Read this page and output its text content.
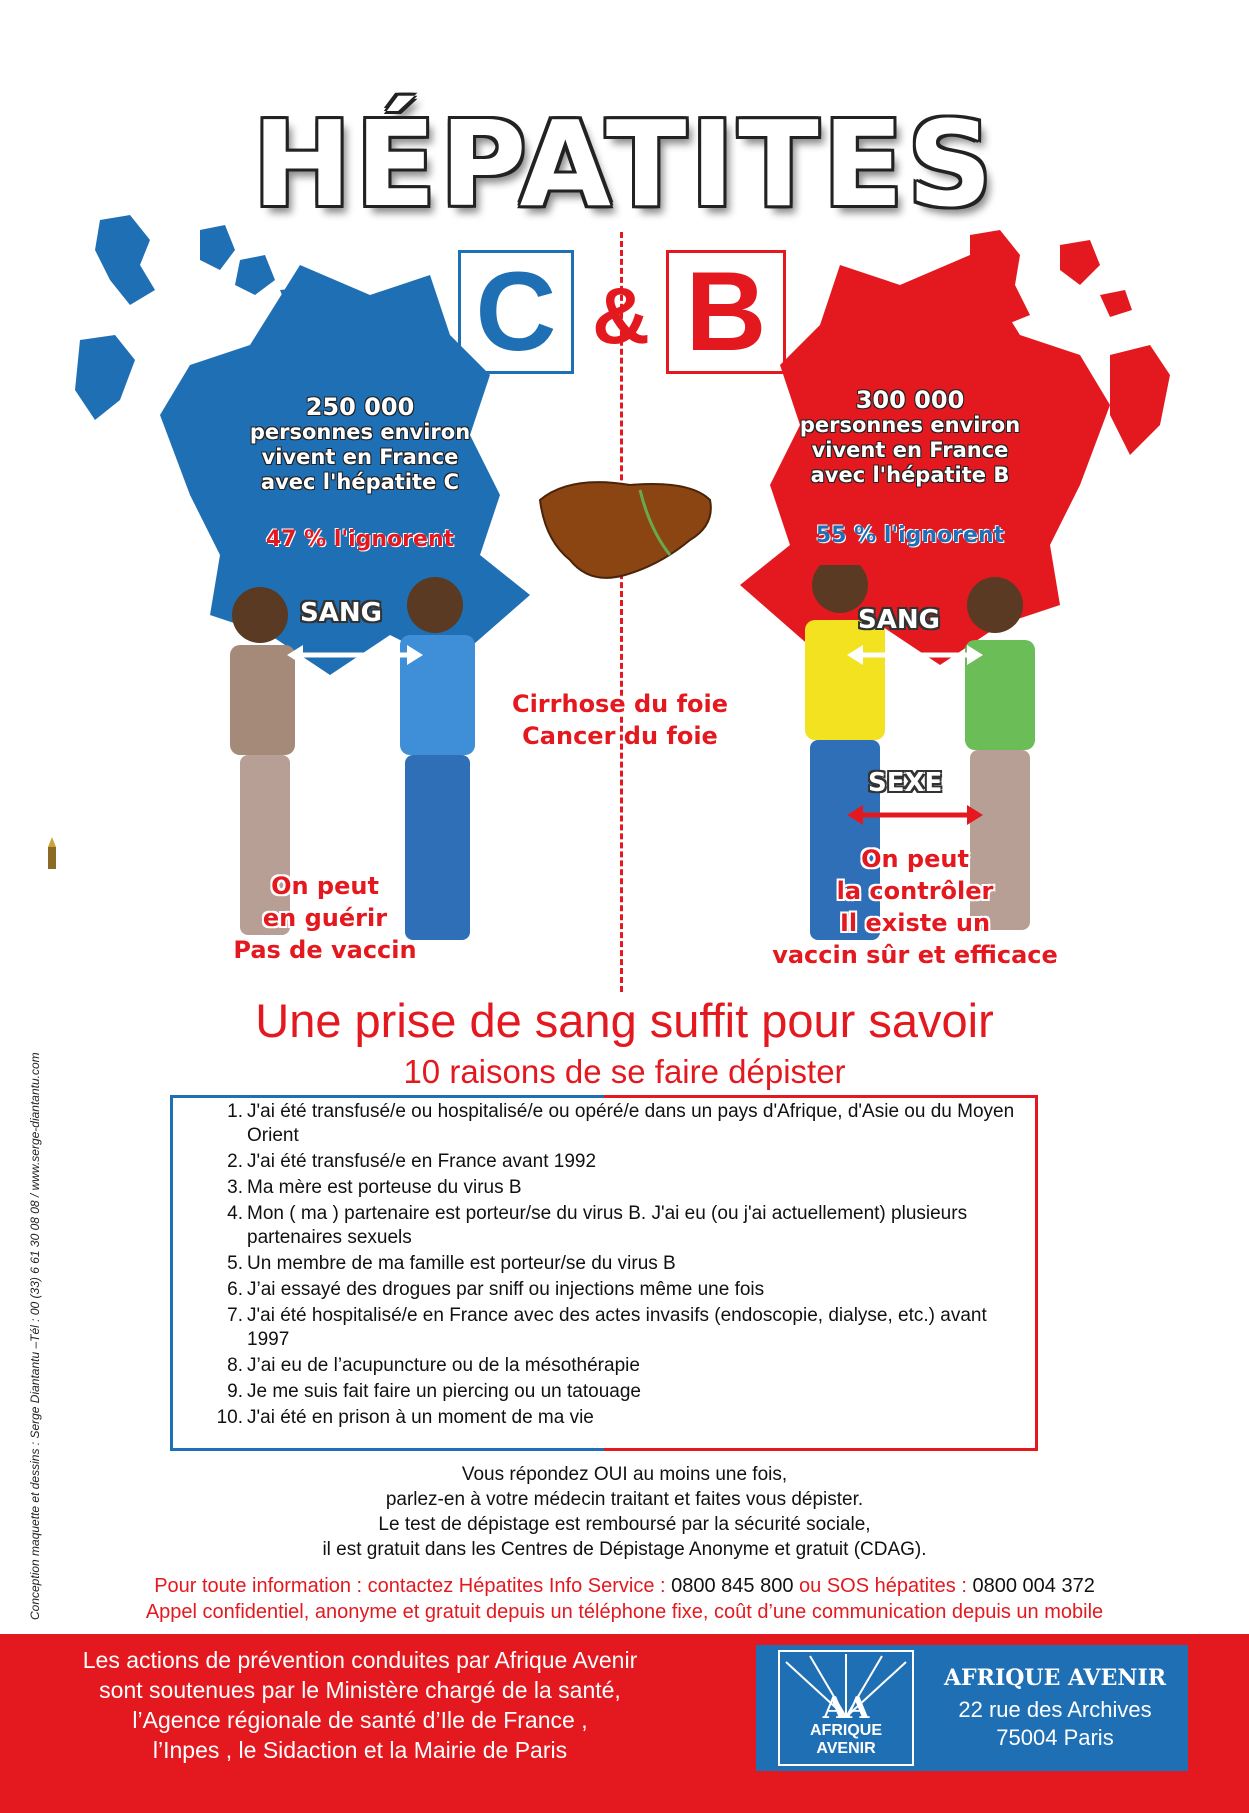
HÉPATITES
C & B
250 000
personnes environ
vivent en France
avec l'hépatite C
47 % l'ignorent
SANG
On peut
en guérir
Pas de vaccin
Cirrhose du foie
Cancer du foie
300 000
personnes environ
vivent en France
avec l'hépatite B
55 % l'ignorent
SANG
SEXE
On peut
la contrôler
Il existe un
vaccin sûr et efficace
Une prise de sang suffit pour savoir
10 raisons de se faire dépister
1. J'ai été transfusé/e ou hospitalisé/e ou opéré/e dans un pays d'Afrique, d'Asie ou du Moyen Orient
2. J'ai été transfusé/e en France avant 1992
3. Ma mère est porteuse du virus B
4. Mon ( ma ) partenaire est porteur/se du virus B. J'ai eu (ou j'ai actuellement) plusieurs partenaires sexuels
5. Un membre de ma famille est porteur/se du virus B
6. J’ai essayé des drogues par sniff ou injections même une fois
7. J'ai été hospitalisé/e en France avec des actes invasifs (endoscopie, dialyse, etc.) avant 1997
8. J’ai eu de l’acupuncture ou de la mésothérapie
9. Je me suis fait faire un piercing ou un tatouage
10. J'ai été en prison à un moment de ma vie
Vous répondez OUI au moins une fois,
parlez-en à votre médecin traitant et faites vous dépister.
Le test de dépistage est remboursé par la sécurité sociale,
il est gratuit dans les Centres de Dépistage Anonyme et gratuit (CDAG).
Pour toute information : contactez Hépatites Info Service : 0800 845 800 ou SOS hépatites : 0800 004 372
Appel confidentiel, anonyme et gratuit depuis un téléphone fixe, coût d’une communication depuis un mobile
Les actions de prévention conduites par Afrique Avenir
sont soutenues par le Ministère chargé de la santé,
l’Agence régionale de santé d’Ile de France ,
l’Inpes , le Sidaction et la Mairie de Paris
AA
AFRIQUE
AVENIR
AFRIQUE AVENIR
22 rue des Archives
75004 Paris
Conception maquette et dessins : Serge Diantantu –Tél : 00 (33) 6 61 30 08 08 / www.serge-diantantu.com
